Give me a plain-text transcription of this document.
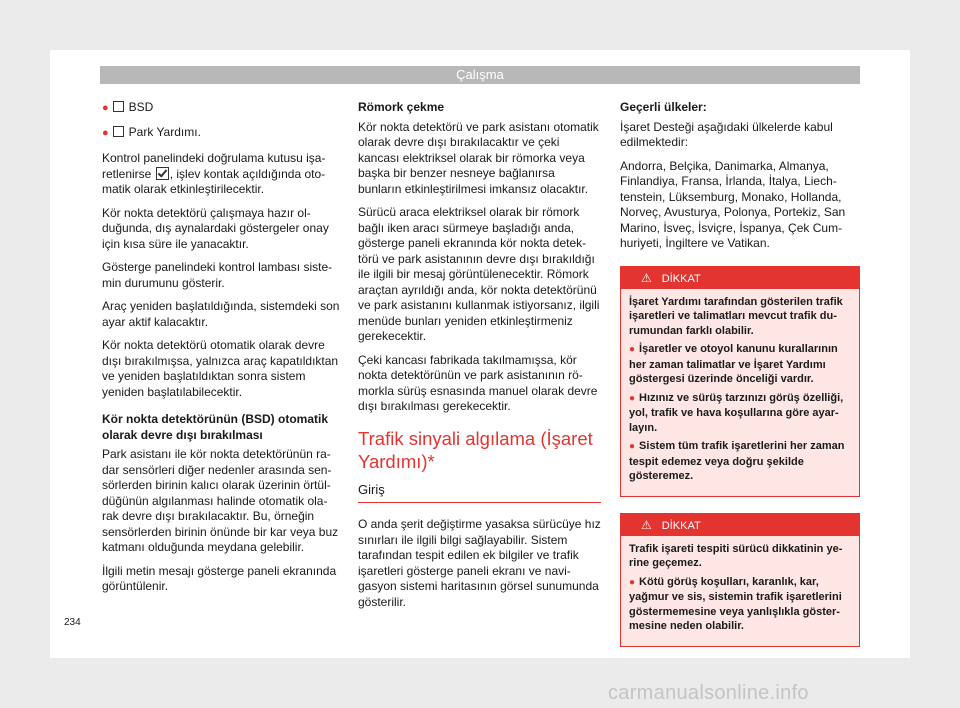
Çalışma

● BSD

● Park Yardımı.

Kontrol panelindeki doğrulama kutusu işaretlenirse , işlev kontak açıldığında otomatik olarak etkinleştirilecektir.

Kör nokta detektörü çalışmaya hazır olduğunda, dış aynalardaki göstergeler onay için kısa süre ile yanacaktır.

Gösterge panelindeki kontrol lambası sistemin durumunu gösterir.

Araç yeniden başlatıldığında, sistemdeki son ayar aktif kalacaktır.

Kör nokta detektörü otomatik olarak devre dışı bırakılmışsa, yalnızca araç kapatıldıktan ve yeniden başlatıldıktan sonra sistem yeniden başlatılabilecektir.

Kör nokta detektörünün (BSD) otomatik olarak devre dışı bırakılması

Park asistanı ile kör nokta detektörünün radar sensörleri diğer nedenler arasında sensörlerden birinin kalıcı olarak üzerinin örtüldüğünün algılanması halinde otomatik olarak devre dışı bırakılacaktır. Bu, örneğin sensörlerden birinin önünde bir kar veya buz katmanı olduğunda meydana gelebilir.

İlgili metin mesajı gösterge paneli ekranında görüntülenir.

Römork çekme

Kör nokta detektörü ve park asistanı otomatik olarak devre dışı bırakılacaktır ve çeki kancası elektriksel olarak bir römorka veya başka bir benzer nesneye bağlanırsa bunların etkinleştirilmesi imkansız olacaktır.

Sürücü araca elektriksel olarak bir römork bağlı iken aracı sürmeye başladığı anda, gösterge paneli ekranında kör nokta detektörü ve park asistanının devre dışı bırakıldığı ile ilgili bir mesaj görüntülenecektir. Römork araçtan ayrıldığı anda, kör nokta detektörünü ve park asistanını kullanmak istiyorsanız, ilgili menüde bunları yeniden etkinleştirmeniz gerekecektir.

Çeki kancası fabrikada takılmamışsa, kör nokta detektörünün ve park asistanının römorkla sürüş esnasında manuel olarak devre dışı bırakılması gerekecektir.

Trafik sinyali algılama (İşaret Yardımı)*
Giriş

O anda şerit değiştirme yasaksa sürücüye hız sınırları ile ilgili bilgi sağlayabilir. Sistem tarafından tespit edilen ek bilgiler ve trafik işaretleri gösterge paneli ekranı ve navigasyon sistemi haritasının görsel sunumunda gösterilir.

Geçerli ülkeler:

İşaret Desteği aşağıdaki ülkelerde kabul edilmektedir:

Andorra, Belçika, Danimarka, Almanya, Finlandiya, Fransa, İrlanda, İtalya, Liechtenstein, Lüksemburg, Monako, Hollanda, Norveç, Avusturya, Polonya, Portekiz, San Marino, İsveç, İsviçre, İspanya, Çek Cumhuriyeti, İngiltere ve Vatikan.

⚠ DİKKAT

İşaret Yardımı tarafından gösterilen trafik işaretleri ve talimatları mevcut trafik durumundan farklı olabilir.

● İşaretler ve otoyol kanunu kurallarının her zaman talimatlar ve İşaret Yardımı göstergesi üzerinde önceliği vardır.

● Hızınız ve sürüş tarzınızı görüş özelliği, yol, trafik ve hava koşullarına göre ayarlayın.

● Sistem tüm trafik işaretlerini her zaman tespit edemez veya doğru şekilde gösteremez.

⚠ DİKKAT

Trafik işareti tespiti sürücü dikkatinin yerine geçemez.

● Kötü görüş koşulları, karanlık, kar, yağmur ve sis, sistemin trafik işaretlerini göstermemesine veya yanlışlıkla göstermesine neden olabilir.

234
carmanualsonline.info
